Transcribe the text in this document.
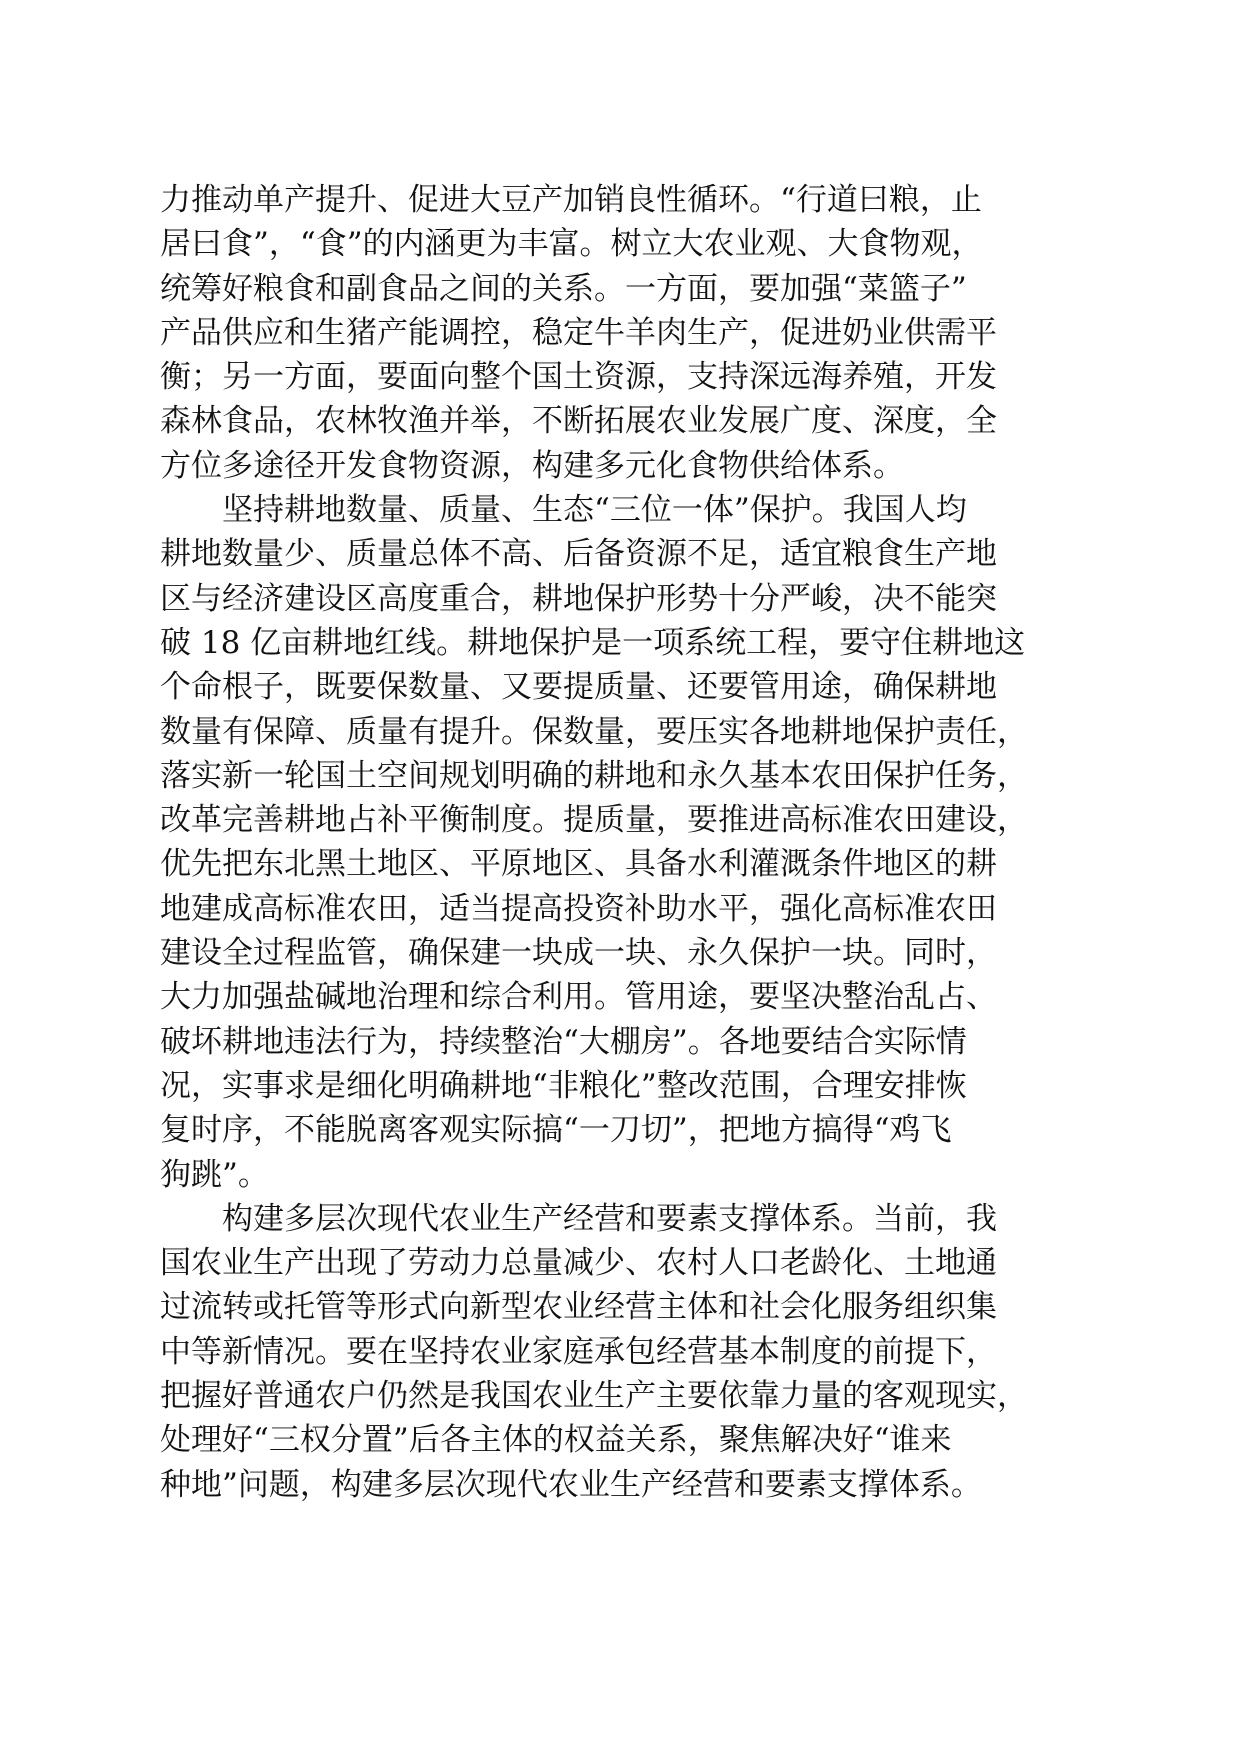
力推动单产提升、促进大豆产加销良性循环。“行道曰粮，止
居曰食”，“食”的内涵更为丰富。树立大农业观、大食物观，
统筹好粮食和副食品之间的关系。一方面，要加强“菜篮子”
产品供应和生猪产能调控，稳定牛羊肉生产，促进奶业供需平
衡；另一方面，要面向整个国土资源，支持深远海养殖，开发
森林食品，农林牧渔并举，不断拓展农业发展广度、深度，全
方位多途径开发食物资源，构建多元化食物供给体系。
坚持耕地数量、质量、生态“三位一体”保护。我国人均
耕地数量少、质量总体不高、后备资源不足，适宜粮食生产地
区与经济建设区高度重合，耕地保护形势十分严峻，决不能突
破 18 亿亩耕地红线。耕地保护是一项系统工程，要守住耕地这
个命根子，既要保数量、又要提质量、还要管用途，确保耕地
数量有保障、质量有提升。保数量，要压实各地耕地保护责任，
落实新一轮国土空间规划明确的耕地和永久基本农田保护任务，
改革完善耕地占补平衡制度。提质量，要推进高标准农田建设，
优先把东北黑土地区、平原地区、具备水利灌溉条件地区的耕
地建成高标准农田，适当提高投资补助水平，强化高标准农田
建设全过程监管，确保建一块成一块、永久保护一块。同时，
大力加强盐碱地治理和综合利用。管用途，要坚决整治乱占、
破坏耕地违法行为，持续整治“大棚房”。各地要结合实际情
况，实事求是细化明确耕地“非粮化”整改范围，合理安排恢
复时序，不能脱离客观实际搞“一刀切”，把地方搞得“鸡飞
狗跳”。
构建多层次现代农业生产经营和要素支撑体系。当前，我
国农业生产出现了劳动力总量减少、农村人口老龄化、土地通
过流转或托管等形式向新型农业经营主体和社会化服务组织集
中等新情况。要在坚持农业家庭承包经营基本制度的前提下，
把握好普通农户仍然是我国农业生产主要依靠力量的客观现实，
处理好“三权分置”后各主体的权益关系，聚焦解决好“谁来
种地”问题，构建多层次现代农业生产经营和要素支撑体系。
